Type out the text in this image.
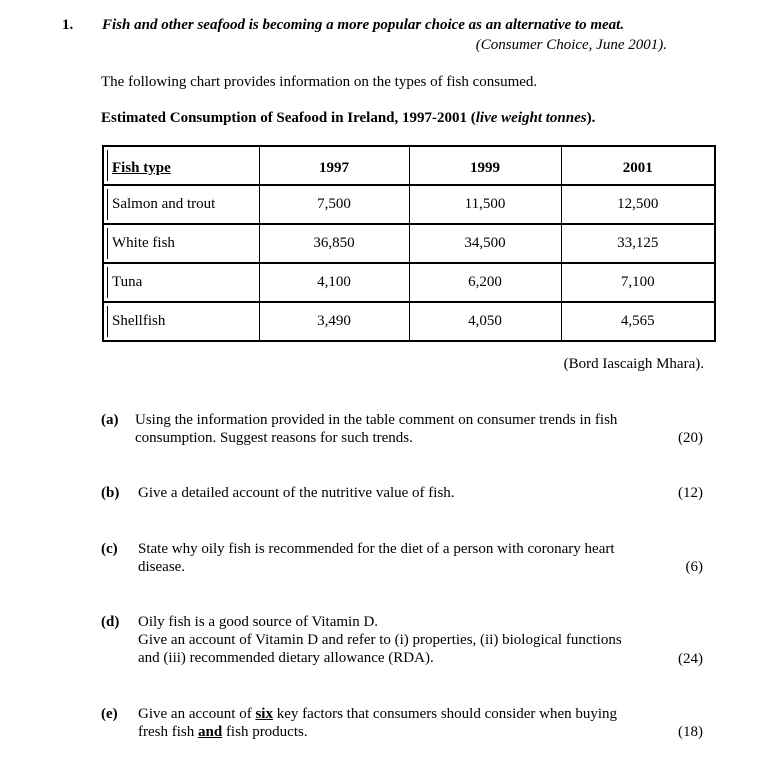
1. Fish and other seafood is becoming a more popular choice as an alternative to meat.
(Consumer Choice, June 2001).
The following chart provides information on the types of fish consumed.
Estimated Consumption of Seafood in Ireland, 1997-2001 (live weight tonnes).
Fish type	1997	1999	2001

Salmon and trout	7,500	11,500	12,500

White fish	36,850	34,500	33,125

Tuna	4,100	6,200	7,100

Shellfish	3,490	4,050	4,565
(Bord Iascaigh Mhara).
(a) Using the information provided in the table comment on consumer trends in fish
consumption. Suggest reasons for such trends.	(20)
(b) Give a detailed account of the nutritive value of fish.	(12)
(c) State why oily fish is recommended for the diet of a person with coronary heart
disease.	(6)
(d) Oily fish is a good source of Vitamin D.
Give an account of Vitamin D and refer to (i) properties, (ii) biological functions
and (iii) recommended dietary allowance (RDA).	(24)
(e) Give an account of six key factors that consumers should consider when buying
fresh fish and fish products.	(18)
